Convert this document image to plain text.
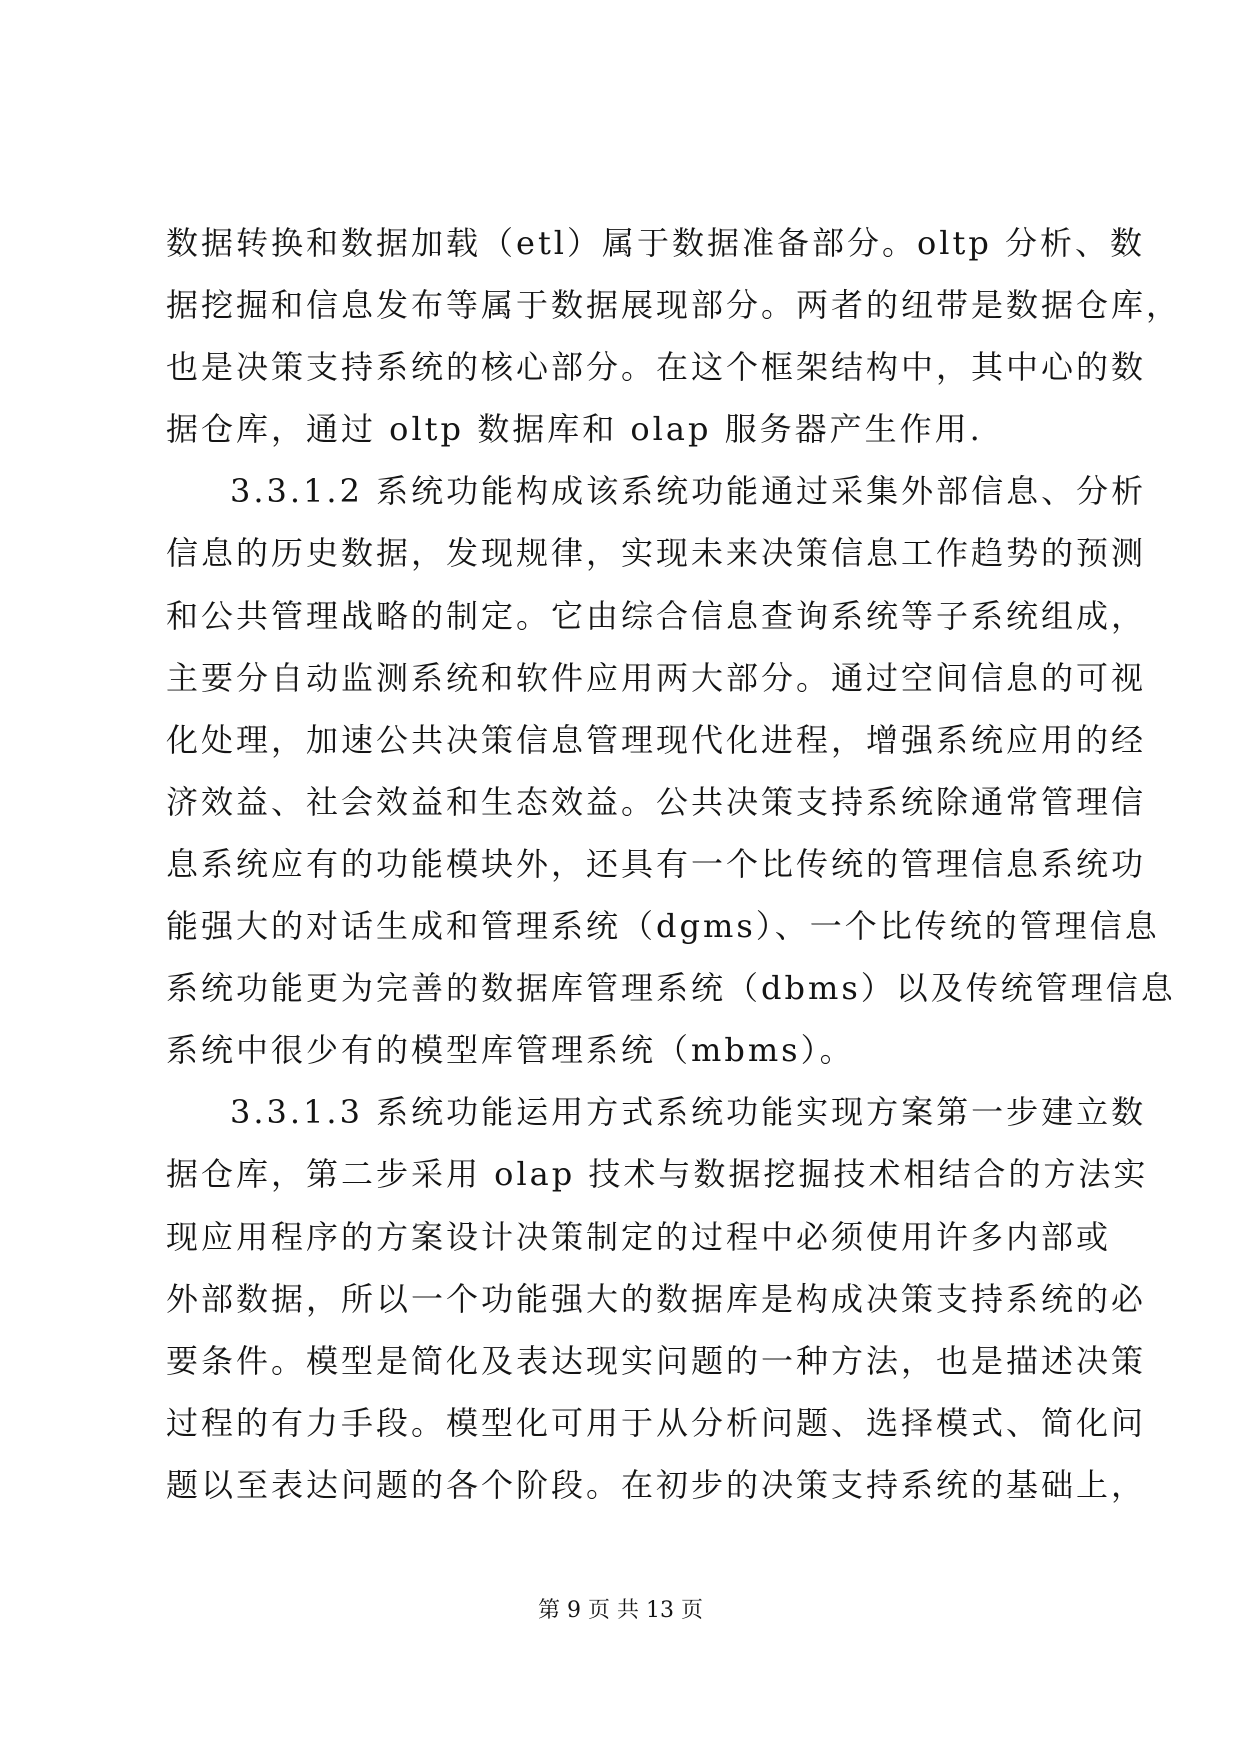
数据转换和数据加载（etl）属于数据准备部分。oltp 分析、数
据挖掘和信息发布等属于数据展现部分。两者的纽带是数据仓库，
也是决策支持系统的核心部分。在这个框架结构中，其中心的数
据仓库，通过 oltp 数据库和 olap 服务器产生作用.
3.3.1.2 系统功能构成该系统功能通过采集外部信息、分析
信息的历史数据，发现规律，实现未来决策信息工作趋势的预测
和公共管理战略的制定。它由综合信息查询系统等子系统组成，
主要分自动监测系统和软件应用两大部分。通过空间信息的可视
化处理，加速公共决策信息管理现代化进程，增强系统应用的经
济效益、社会效益和生态效益。公共决策支持系统除通常管理信
息系统应有的功能模块外，还具有一个比传统的管理信息系统功
能强大的对话生成和管理系统（dgms）、一个比传统的管理信息
系统功能更为完善的数据库管理系统（dbms）以及传统管理信息
系统中很少有的模型库管理系统（mbms）。
3.3.1.3 系统功能运用方式系统功能实现方案第一步建立数
据仓库，第二步采用 olap 技术与数据挖掘技术相结合的方法实
现应用程序的方案设计决策制定的过程中必须使用许多内部或
外部数据，所以一个功能强大的数据库是构成决策支持系统的必
要条件。模型是简化及表达现实问题的一种方法，也是描述决策
过程的有力手段。模型化可用于从分析问题、选择模式、简化问
题以至表达问题的各个阶段。在初步的决策支持系统的基础上，
第 9 页 共 13 页
